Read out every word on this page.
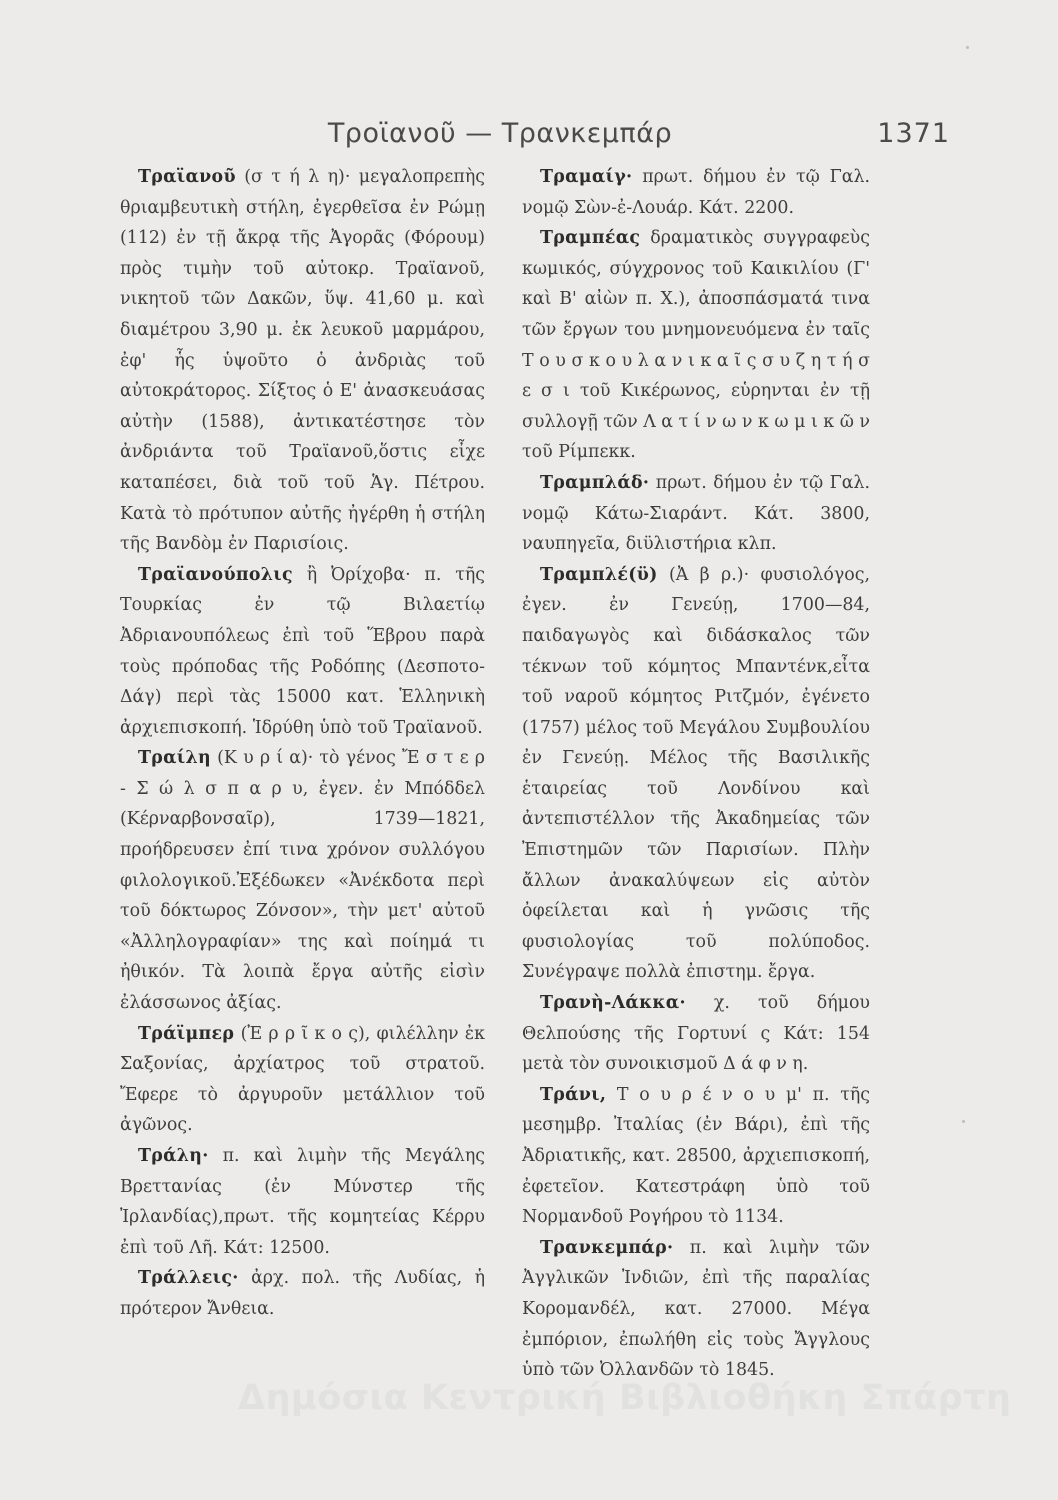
Τροϊανοῦ — Τρανκεμπάρ	1371

Τραϊανοῦ (σ τ ή λ η)· μεγαλοπρεπὴς θριαμβευτικὴ στήλη, ἐγερθεῖσα ἐν Ρώμῃ (112) ἐν τῇ ἄκρᾳ τῆς Ἀγορᾶς (Φόρουμ) πρὸς τιμὴν τοῦ αὐτοκρ. Τραϊανοῦ, νικητοῦ τῶν Δακῶν, ὕψ. 41,60 μ. καὶ διαμέτρου 3,90 μ. ἐκ λευκοῦ μαρμάρου, ἐφ' ἧς ὑψοῦτο ὁ ἀνδριὰς τοῦ αὐτοκράτορος. Σίξτος ὁ Ε' ἀνασκευάσας αὐτὴν (1588), ἀντικατέστησε τὸν ἀνδριάντα τοῦ Τραϊανοῦ,ὅστις εἶχε καταπέσει, διὰ τοῦ τοῦ Ἁγ. Πέτρου. Κατὰ τὸ πρότυπον αὐτῆς ἠγέρθη ἡ στήλη τῆς Βανδὸμ ἐν Παρισίοις.

Τραϊανούπολις ἢ Ὀρίχοβα· π. τῆς Τουρκίας ἐν τῷ Βιλαετίῳ Ἀδριανουπόλεως ἐπὶ τοῦ Ἕβρου παρὰ τοὺς πρόποδας τῆς Ροδόπης (Δεσποτο-Δάγ) περὶ τὰς 15000 κατ. Ἑλληνικὴ ἀρχιεπισκοπή. Ἱδρύθη ὑπὸ τοῦ Τραϊανοῦ.

Τραίλη (Κ υ ρ ί α)· τὸ γένος Ἔ σ τ ε ρ - Σ ώ λ σ π α ρ υ, ἐγεν. ἐν Μπόδδελ (Κέρναρβονσαῖρ), 1739—1821, προήδρευσεν ἐπί τινα χρόνον συλλόγου φιλολογικοῦ.Ἐξέδωκεν «Ἀνέκδοτα περὶ τοῦ δόκτωρος Ζόνσον», τὴν μετ' αὐτοῦ «Ἀλληλογραφίαν» της καὶ ποίημά τι ἠθικόν. Τὰ λοιπὰ ἔργα αὐτῆς εἰσὶν ἐλάσσωνος ἀξίας.

Τράϊμπερ (Ἐ ρ ρ ῖ κ ο ς), φιλέλλην ἐκ Σαξονίας, ἀρχίατρος τοῦ στρατοῦ. Ἔφερε τὸ ἀργυροῦν μετάλλιον τοῦ ἀγῶνος.

Τράλη· π. καὶ λιμὴν τῆς Μεγάλης Βρεττανίας (ἐν Μύνστερ τῆς Ἰρλανδίας),πρωτ. τῆς κομητείας Κέρρυ ἐπὶ τοῦ Λῆ. Κάτ: 12500.

Τράλλεις· ἀρχ. πολ. τῆς Λυδίας, ἡ πρότερον Ἄνθεια.

Τραμαίγ· πρωτ. δήμου ἐν τῷ Γαλ. νομῷ Σὼν-ἐ-Λουάρ. Κάτ. 2200.

Τραμπέας δραματικὸς συγγραφεὺς κωμικός, σύγχρονος τοῦ Καικιλίου (Γ' καὶ Β' αἰὼν π. Χ.), ἀποσπάσματά τινα τῶν ἔργων του μνημονευόμενα ἐν ταῖς Τ ο υ σ κ ο υ λ α ν ι κ α ῖ ς σ υ ζ η τ ή σ ε σ ι τοῦ Κικέρωνος, εὑρηνται ἐν τῇ συλλογῇ τῶν Λ α τ ί ν ω ν κ ω μ ι κ ῶ ν τοῦ Ρίμπεκκ.

Τραμπλάδ· πρωτ. δήμου ἐν τῷ Γαλ. νομῷ Κάτω-Σιαράντ. Κάτ. 3800, ναυπηγεῖα, διϋλιστήρια κλπ.

Τραμπλέ(ϋ) (Ἀ β ρ.)· φυσιολόγος, ἐγεν. ἐν Γενεύῃ, 1700—84, παιδαγωγὸς καὶ διδάσκαλος τῶν τέκνων τοῦ κόμητος Μπαντένκ,εἶτα τοῦ ναροῦ κόμητος Ριτζμόν, ἐγένετο (1757) μέλος τοῦ Μεγάλου Συμβουλίου ἐν Γενεύῃ. Μέλος τῆς Βασιλικῆς ἑταιρείας τοῦ Λονδίνου καὶ ἀντεπιστέλλον τῆς Ἀκαδημείας τῶν Ἐπιστημῶν τῶν Παρισίων. Πλὴν ἄλλων ἀνακαλύψεων εἰς αὐτὸν ὀφείλεται καὶ ἡ γνῶσις τῆς φυσιολογίας τοῦ πολύποδος. Συνέγραψε πολλὰ ἐπιστημ. ἔργα.

Τρανὴ-Λάκκα· χ. τοῦ δήμου Θελπούσης τῆς Γορτυνί ς Κάτ: 154 μετὰ τὸν συνοικισμοῦ Δ ά φ ν η.

Τράνι, Τ ο υ ρ έ ν ο υ μ' π. τῆς μεσημβρ. Ἰταλίας (ἐν Βάρι), ἐπὶ τῆς Ἀδριατικῆς, κατ. 28500, ἀρχιεπισκοπή, ἐφετεῖον. Κατεστράφη ὑπὸ τοῦ Νορμανδοῦ Ρογήρου τὸ 1134.

Τρανκεμπάρ· π. καὶ λιμὴν τῶν Ἀγγλικῶν Ἰνδιῶν, ἐπὶ τῆς παραλίας Κορομανδέλ, κατ. 27000. Μέγα ἐμπόριον, ἐπωλήθη εἰς τοὺς Ἄγγλους ὑπὸ τῶν Ὀλλανδῶν τὸ 1845.

Δημόσια Κεντρική Βιβλιοθήκη Σπάρτη
